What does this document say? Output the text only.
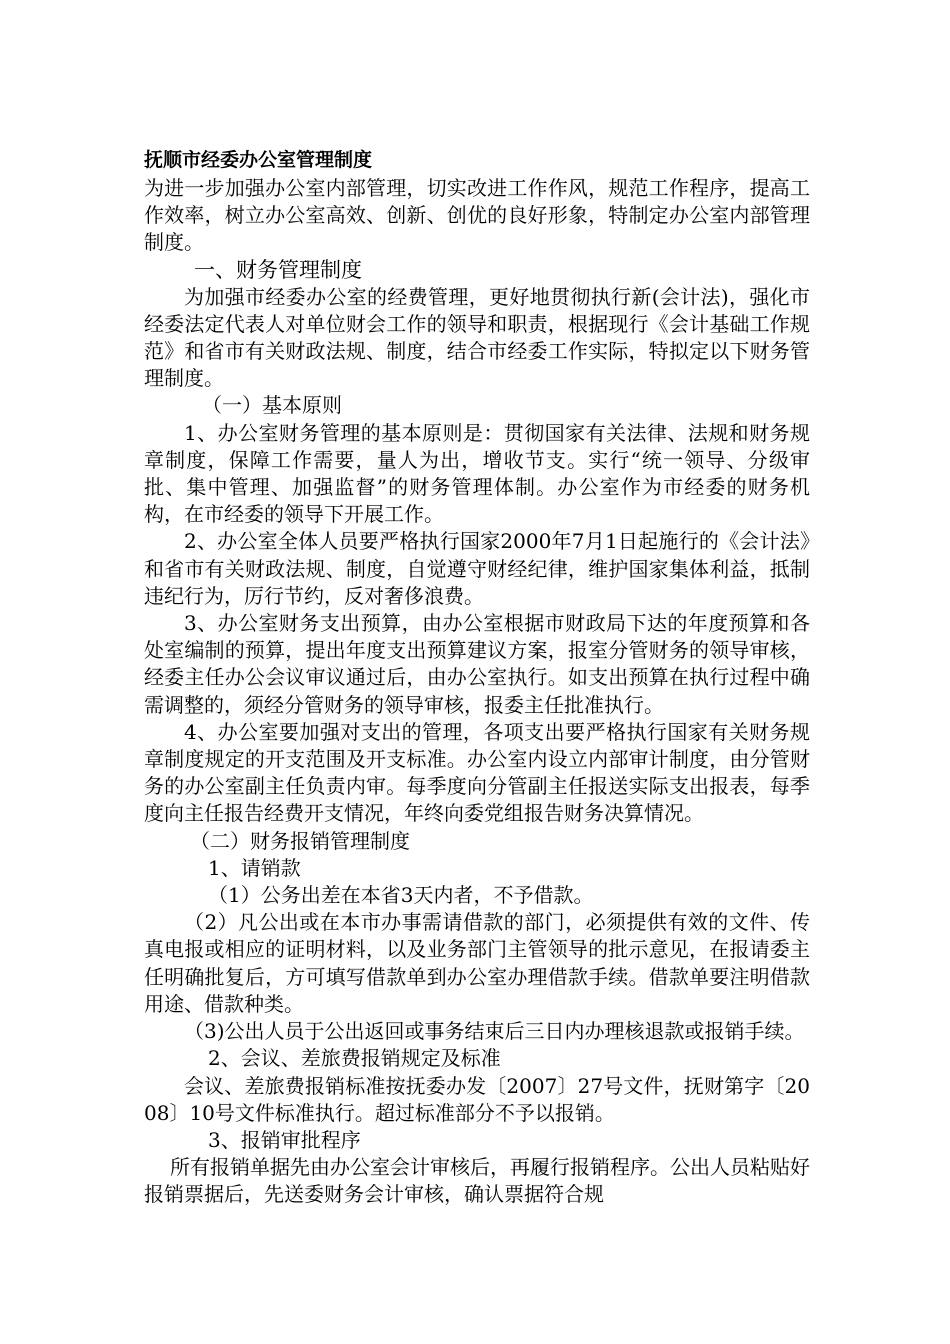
抚顺市经委办公室管理制度

为进一步加强办公室内部管理，切实改进工作作风，规范工作程序，提高工作效率，树立办公室高效、创新、创优的良好形象，特制定办公室内部管理制度。

一、财务管理制度

为加强市经委办公室的经费管理，更好地贯彻执行新(会计法)，强化市经委法定代表人对单位财会工作的领导和职责，根据现行《会计基础工作规范》和省市有关财政法规、制度，结合市经委工作实际，特拟定以下财务管理制度。

（一）基本原则

1、办公室财务管理的基本原则是：贯彻国家有关法律、法规和财务规章制度，保障工作需要，量人为出，增收节支。实行“统一领导、分级审批、集中管理、加强监督”的财务管理体制。办公室作为市经委的财务机构，在市经委的领导下开展工作。

2、办公室全体人员要严格执行国家2000年7月1日起施行的《会计法》和省市有关财政法规、制度，自觉遵守财经纪律，维护国家集体利益，抵制违纪行为，厉行节约，反对奢侈浪费。

3、办公室财务支出预算，由办公室根据市财政局下达的年度预算和各处室编制的预算，提出年度支出预算建议方案，报室分管财务的领导审核，经委主任办公会议审议通过后，由办公室执行。如支出预算在执行过程中确需调整的，须经分管财务的领导审核，报委主任批准执行。

4、办公室要加强对支出的管理，各项支出要严格执行国家有关财务规章制度规定的开支范围及开支标准。办公室内设立内部审计制度，由分管财务的办公室副主任负责内审。每季度向分管副主任报送实际支出报表，每季度向主任报告经费开支情况，年终向委党组报告财务决算情况。

（二）财务报销管理制度

1、请销款

（1）公务出差在本省3天内者，不予借款。

（2）凡公出或在本市办事需请借款的部门，必须提供有效的文件、传真电报或相应的证明材料，以及业务部门主管领导的批示意见，在报请委主任明确批复后，方可填写借款单到办公室办理借款手续。借款单要注明借款用途、借款种类。

（3)公出人员于公出返回或事务结束后三日内办理核退款或报销手续。

2、会议、差旅费报销规定及标准

会议、差旅费报销标准按抚委办发〔2007〕27号文件，抚财第字〔2008〕10号文件标准执行。超过标准部分不予以报销。

3、报销审批程序

所有报销单据先由办公室会计审核后，再履行报销程序。公出人员粘贴好报销票据后，先送委财务会计审核，确认票据符合规
